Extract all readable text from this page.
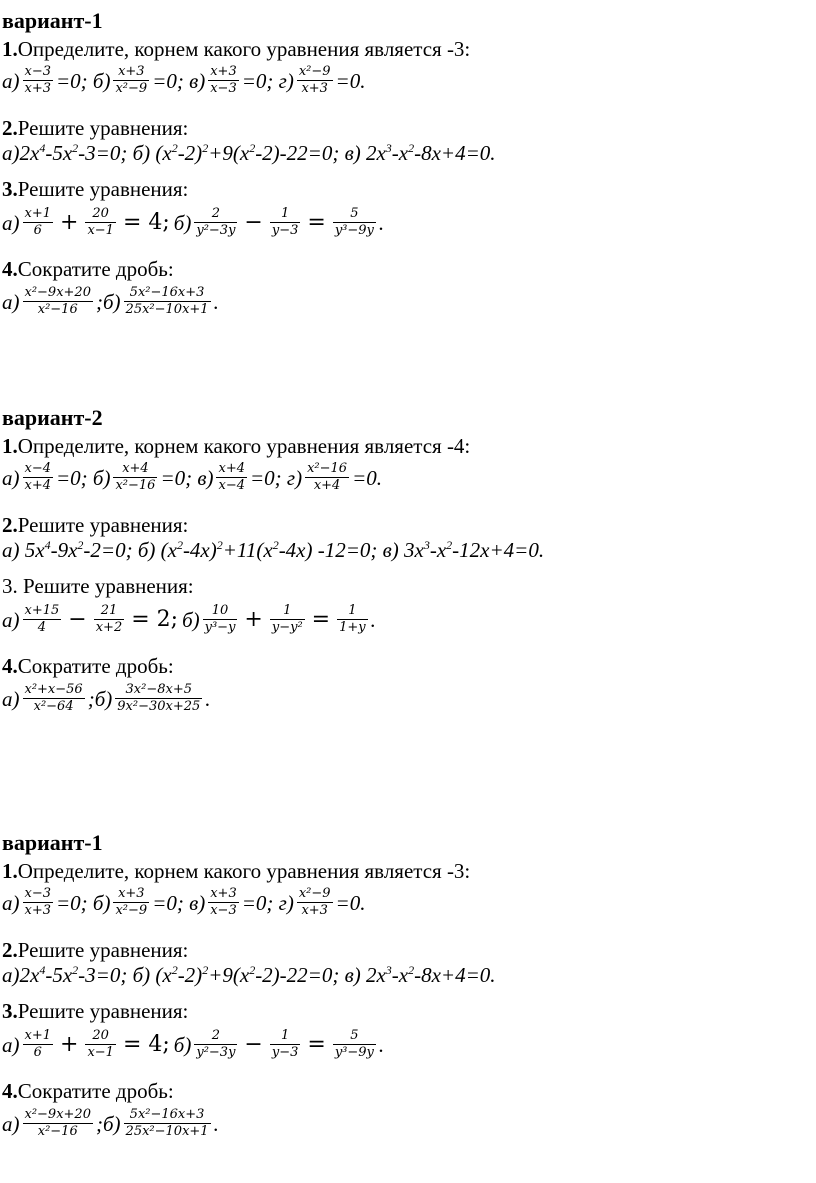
вариант-1
1. Определите, корнем какого уравнения является -3:
$а) \frac{x-3}{x+3} =0$; $б) \frac{x+3}{\text{x²−9}} =0$; $в) \frac{x+3}{x-3} =0$; $г) \frac{\text{x²−9}}{x+3} =0$.
2. Решите уравнения:
$а)2x^4-5x^2-3=0$; б) $(x^2-2)^2+9(x^2-2)-22=0$; в) $2x^3-x^2-8x+4=0$.
3. Решите уравнения:
$а) \frac{x+1}{6} + \frac{20}{x-1} = 4$; $б) \frac{2}{\text{y²−3y}} - \frac{1}{y-3} = \frac{5}{\text{y³−9y}}$ .
4. Сократите дробь:
$а) \frac{\text{x²−9x+20}}{\text{x²−16}}$ ;б) $\frac{\text{5x²−16x+3}}{\text{25x²−10x+1}}$ .
вариант-2
1. Определите, корнем какого уравнения является -4:
$а) \frac{x-4}{x+4} =0$; $б) \frac{x+4}{\text{x²−16}} =0$; $в) \frac{x+4}{x-4} =0$; $г) \frac{\text{x²−16}}{x+4} =0$.
2. Решите уравнения:
а) $5x^4-9x^2-2=0$; б) $(x^2-4x)^2+11(x^2-4x)$ -12=0; в) $3x^3-x^2-12x+4=0$.
3. Решите уравнения:
$а) \frac{x+15}{4} - \frac{21}{x+2} = 2$; $б) \frac{10}{\text{y³−y}} + \frac{1}{\text{y−y²}} = \frac{1}{1+y}$ .
4. Сократите дробь:
$а) \frac{\text{x²+x−56}}{\text{x²−64}}$ ;б) $\frac{\text{3x²−8x+5}}{\text{9x²−30x+25}}$ .
вариант-1
1. Определите, корнем какого уравнения является -3:
$а) \frac{x-3}{x+3} =0$; $б) \frac{x+3}{\text{x²−9}} =0$; $в) \frac{x+3}{x-3} =0$; $г) \frac{\text{x²−9}}{x+3} =0$.
2. Решите уравнения:
$а)2x^4-5x^2-3=0$; б) $(x^2-2)^2+9(x^2-2)-22=0$; в) $2x^3-x^2-8x+4=0$.
3. Решите уравнения:
$а) \frac{x+1}{6} + \frac{20}{x-1} = 4$; $б) \frac{2}{\text{y²−3y}} - \frac{1}{y-3} = \frac{5}{\text{y³−9y}}$ .
4. Сократите дробь:
$а) \frac{\text{x²−9x+20}}{\text{x²−16}}$ ;б) $\frac{\text{5x²−16x+3}}{\text{25x²−10x+1}}$ .
